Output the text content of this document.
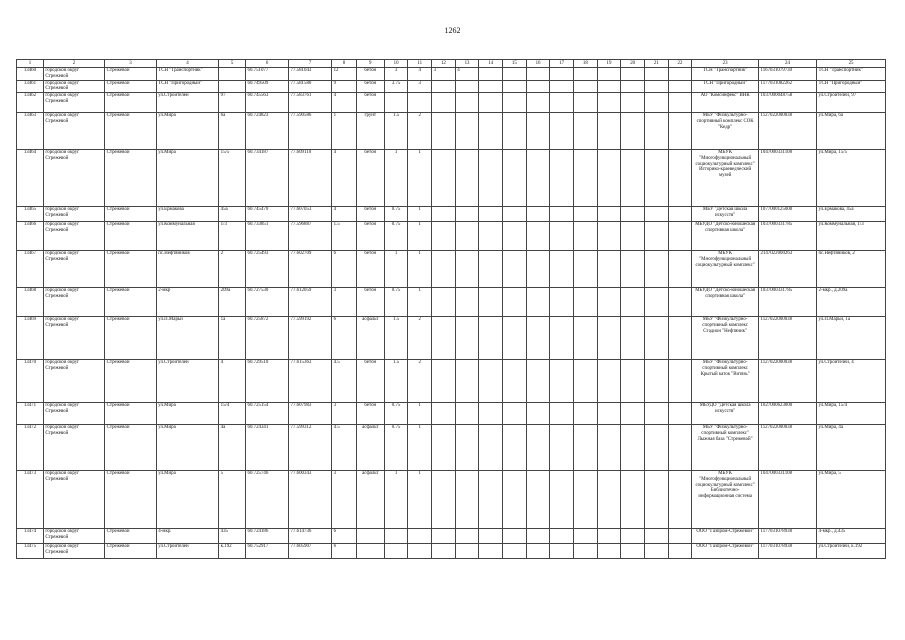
1262
1	2	3	4	5	6	7	8	9	10	11	12	13	14	15	16	17	18	19	20	21	22	23	24	25
13460	городской округ Стрежевой	Стрежевой	ТСН "Транспортник"		60.751077	77.581043	12	бетон	3	4	3	4										ТСН "Транспортник"	1167031079730	ТСН "Транспортник"
13461	городской округ Стрежевой	Стрежевой	ТСН "Пригородный"		60.749509	77.581580	9	бетон	3.75	3												ТСН "Пригородный"	1177031082262	ТСН "Пригородный"
13462	городской округ Стрежевой	Стрежевой	ул.Строителей	97	60.745563	77.583761	4	бетон														АО "Комсинфекс" ВНК	1037000048758	ул.Строителей, 97
13463	городской округ Стрежевой	Стрежевой	ул.Мира	6а	60.724823	77.590586	1	грунт	1.5	2												МБУ "Физкультурно-спортивный комплекс СОК "Кедр"	1127022000038	ул.Мира, 6а
13464	городской округ Стрежевой	Стрежевой	ул.Мира	15/5	60.734187	77.609110	4	бетон	1	1												МБУК "Многофункциональный социокультурный комплекс" Историко-краеведческий музей	1047000331108	ул.Мира, 15/5
13465	городской округ Стрежевой	Стрежевой	ул.Ермакова	45а	60.745470	77.607053	4	бетон	0.75	1												МБУ "Детская школа искусств"	1077000125000	ул.Ермакова, 45а
13466	городской округ Стрежевой	Стрежевой	ул.Коммунальная	1/3	60.733851	77.596887	1.5	бетон	0.75	1												МБУДО "Детско-юношеская спортивная школа"	1037000331785	ул.Коммунальная, 1/3
13467	городской округ Стрежевой	Стрежевой	пс.Нефтяников	2	60.725493	77.602709	6	бетон	1	1												МБУК "Многофункциональный социокультурный комплекс"	2147022000263	пс.Нефтяников, 2
13468	городской округ Стрежевой	Стрежевой	2-мкр	209а	60.727530	77.612059	3	бетон	0.75	1												МБУДО "Детско-юношеская спортивная школа"	1037000331785	2-мкр., д.209а
13469	городской округ Стрежевой	Стрежевой	ул.П.Марьи	1а	60.725872	77.599192	6	асфальт	1.5	2												МБУ "Физкультурно-спортивный комплекс Стадион "Нефтяник"	1127022000038	ул.П.Марьи, 1а
13470	городской округ Стрежевой	Стрежевой	ул.Строителей	4	60.729510	77.615363	4.5	бетон	1.5	2												МБУ "Физкультурно-спортивный комплекс Крытый каток "Витязь"	1127022000038	ул.Строителей, 4
13471	городской округ Стрежевой	Стрежевой	ул.Мира	15/4	60.725154	77.607983	3	бетон	0.75	1												МБУДО "Детская школа искусств"	1027000623000	ул.Мира, 15/4
13472	городской округ Стрежевой	Стрежевой	ул.Мира	4а	60.724341	77.599312	4.5	асфальт	0.75	1												МБУ "Физкультурно-спортивный комплекс" Лыжная база "Стрежевой"	1127022000038	ул.Мира, 4а
13473	городской округ Стрежевой	Стрежевой	ул.Мира	5	60.725746	77.600343	3	асфальт	1	1												МБУК "Многофункциональный социокультурный комплекс" Библиотечно-информационная система	1047000331108	ул.Мира, 5
13474	городской округ Стрежевой	Стрежевой	4-мкр.	435	60.724186	77.614736	6															ООО "Газпром-Стрежевой"	1177031078938	4-мкр., д.435
13475	городской округ Стрежевой	Стрежевой	ул.Строителей	к.192	60.752917	77.605907	6															ООО "Газпром-Стрежевой"	1177031078938	ул.Строителей, к.192
